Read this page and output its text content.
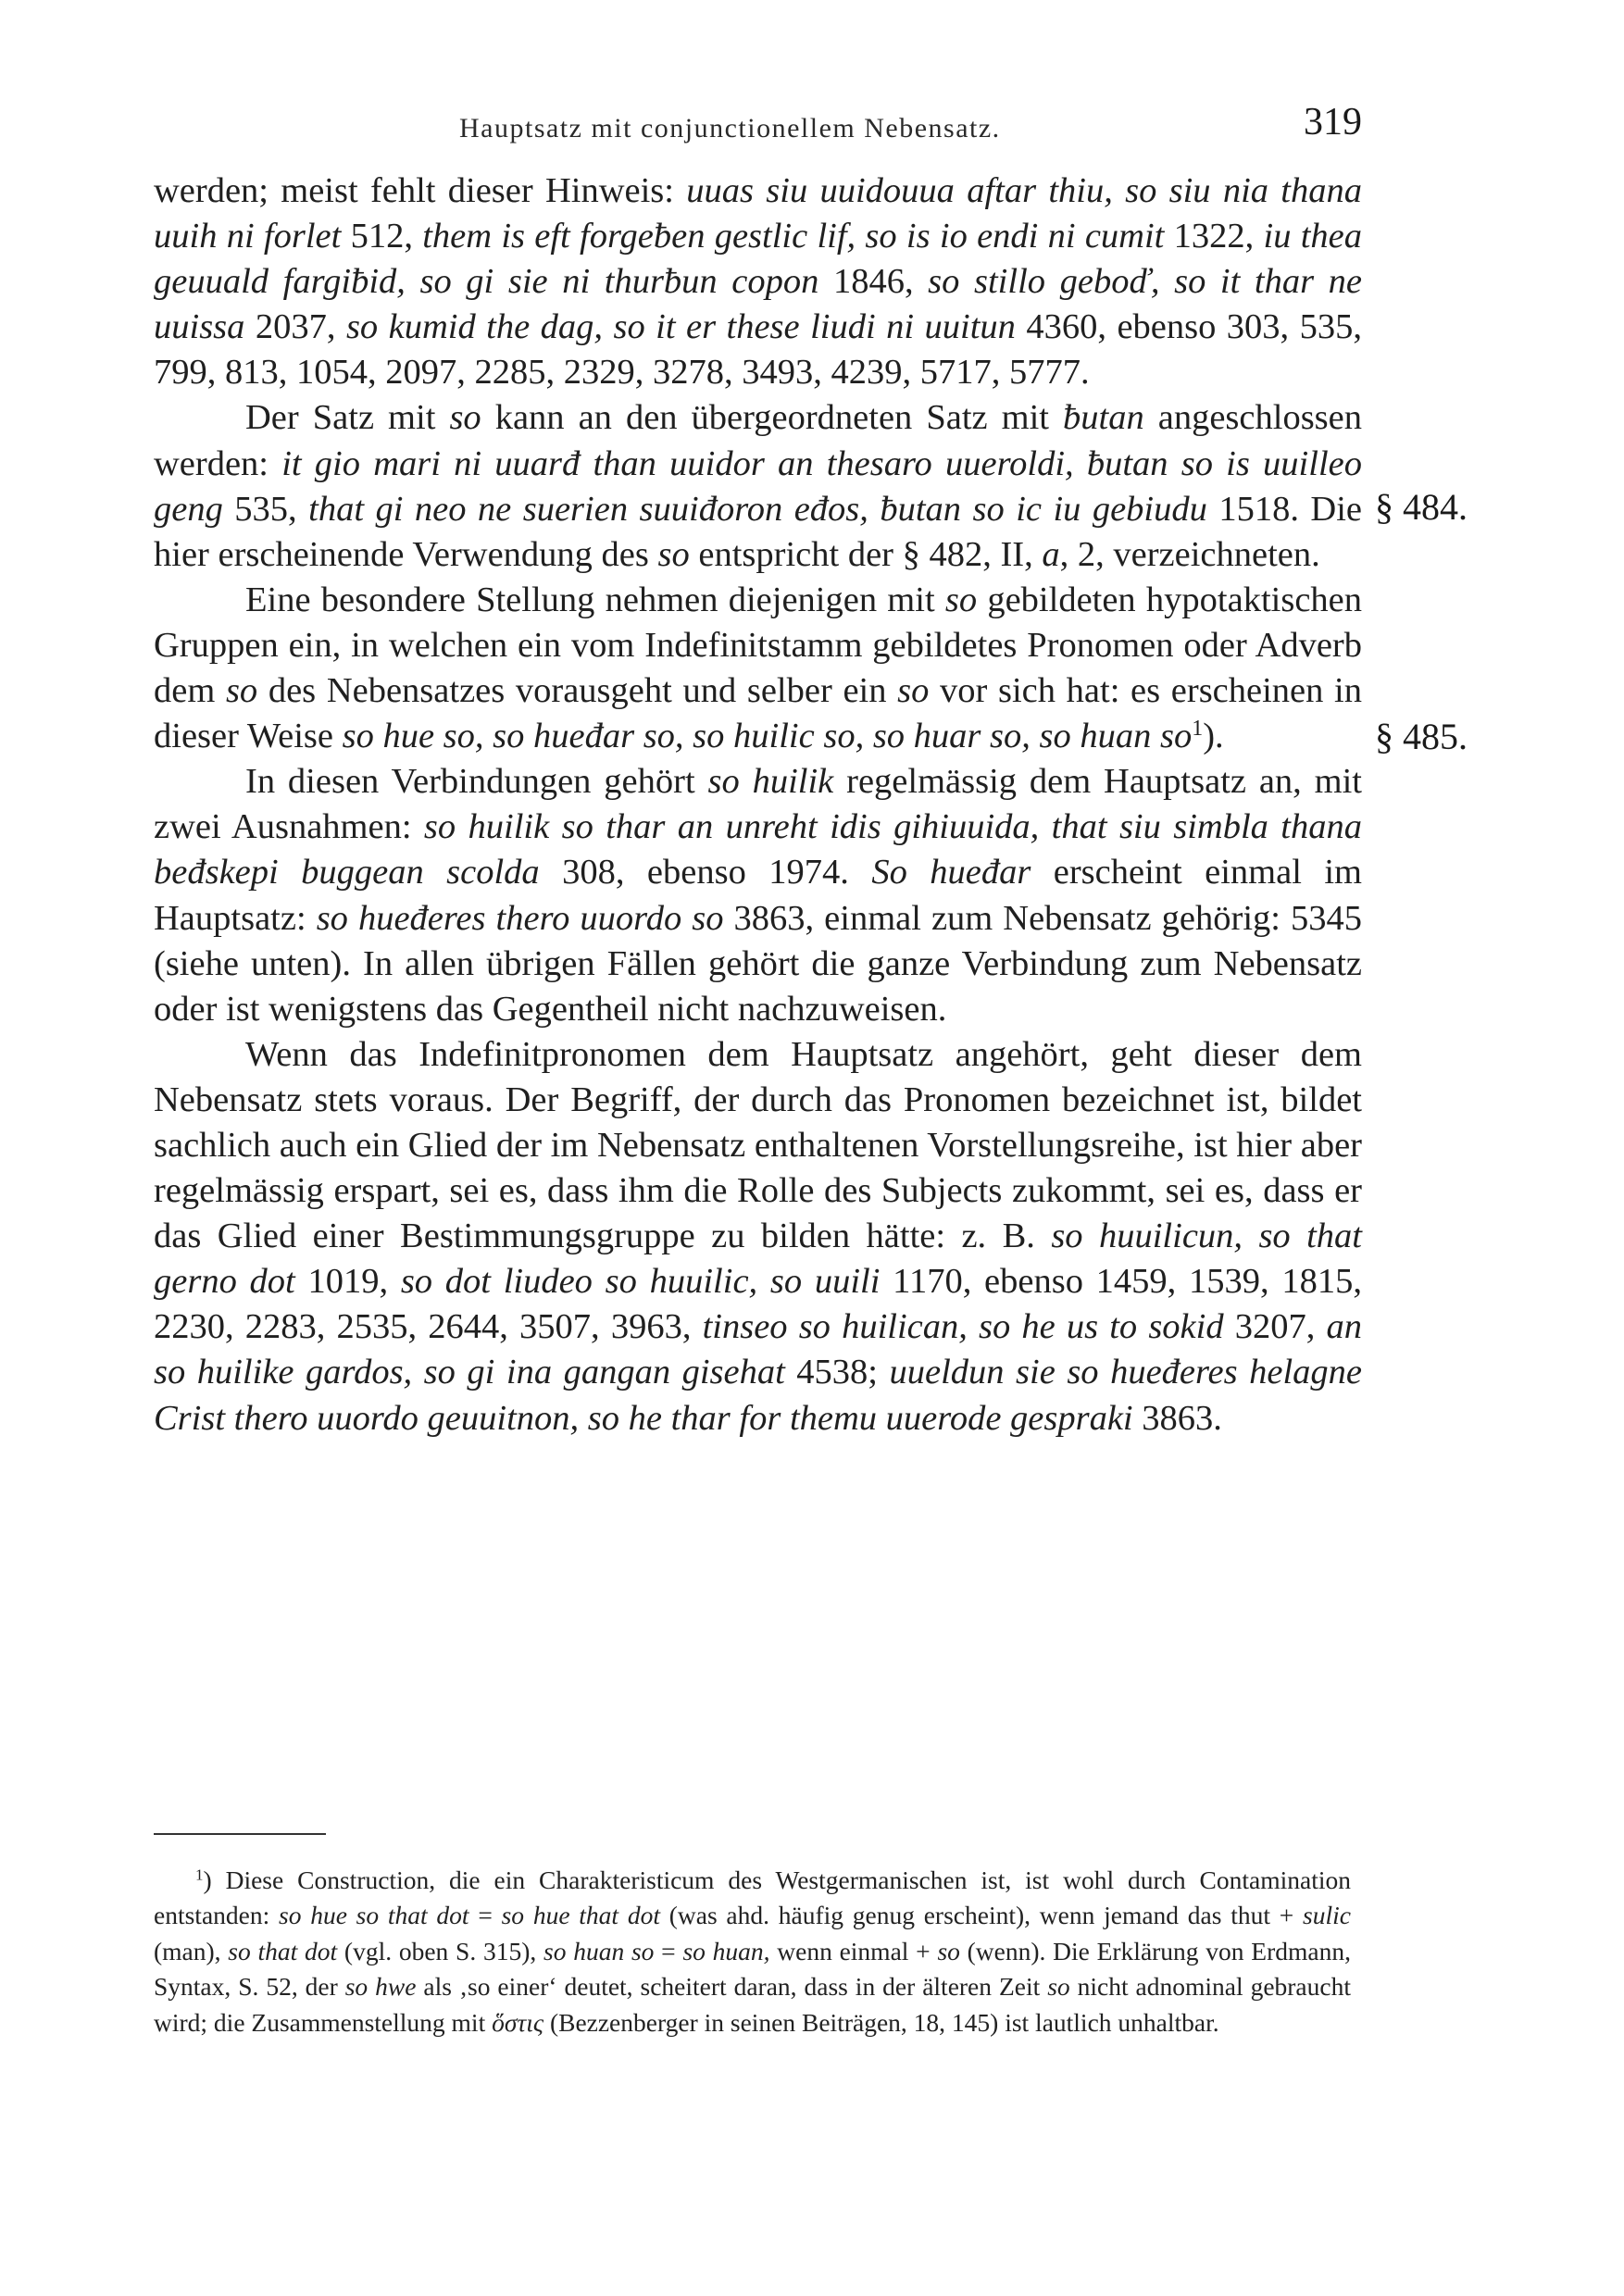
Hauptsatz mit conjunctionellem Nebensatz.	319
§ 484.
§ 485.

werden; meist fehlt dieser Hinweis: uuas siu uuidouua aftar thiu, so siu nia thana uuih ni forlet 512, them is eft forgeƀen gestlic lif, so is io endi ni cumit 1322, iu thea geuuald fargiƀid, so gi sie ni thurƀun copon 1846, so stillo geboď, so it thar ne uuissa 2037, so kumid the dag, so it er these liudi ni uuitun 4360, ebenso 303, 535, 799, 813, 1054, 2097, 2285, 2329, 3278, 3493, 4239, 5717, 5777.

Der Satz mit so kann an den übergeordneten Satz mit ƀutan angeschlossen werden: it gio mari ni uuarđ than uuidor an thesaro uueroldi, ƀutan so is uuilleo geng 535, that gi neo ne suerien suuiđoron eđos, ƀutan so ic iu gebiudu 1518. Die hier erscheinende Verwendung des so entspricht der § 482, II, a, 2, verzeichneten.

Eine besondere Stellung nehmen diejenigen mit so gebildeten hypotaktischen Gruppen ein, in welchen ein vom Indefinitstamm gebildetes Pronomen oder Adverb dem so des Nebensatzes vorausgeht und selber ein so vor sich hat: es erscheinen in dieser Weise so hue so, so hueđar so, so huilic so, so huar so, so huan $so^1$).

In diesen Verbindungen gehört so huilik regelmässig dem Hauptsatz an, mit zwei Ausnahmen: so huilik so thar an unreht idis gihiuuida, that siu simbla thana beđskepi buggean scolda 308, ebenso 1974. So hueđar erscheint einmal im Hauptsatz: so hueđeres thero uuordo so 3863, einmal zum Nebensatz gehörig: 5345 (siehe unten). In allen übrigen Fällen gehört die ganze Verbindung zum Nebensatz oder ist wenigstens das Gegentheil nicht nachzuweisen.

Wenn das Indefinitpronomen dem Hauptsatz angehört, geht dieser dem Nebensatz stets voraus. Der Begriff, der durch das Pronomen bezeichnet ist, bildet sachlich auch ein Glied der im Nebensatz enthaltenen Vorstellungsreihe, ist hier aber regelmässig erspart, sei es, dass ihm die Rolle des Subjects zukommt, sei es, dass er das Glied einer Bestimmungsgruppe zu bilden hätte: z. B. so huuilicun, so that gerno dot 1019, so dot liudeo so huuilic, so uuili 1170, ebenso 1459, 1539, 1815, 2230, 2283, 2535, 2644, 3507, 3963, tinseo so huilican, so he us to sokid 3207, an so huilike gardos, so gi ina gangan gisehat 4538; uueldun sie so hueđeres helagne Crist thero uuordo geuuitnon, so he thar for themu uuerode gesprakі 3863.

$^1$) Diese Construction, die ein Charakteristicum des Westgermanischen ist, ist wohl durch Contamination entstanden: so hue so that dot = so hue that dot (was ahd. häufig genug erscheint), wenn jemand das thut + sulic (man), so that dot (vgl. oben S. 315), so huan so = so huan, wenn einmal + so (wenn). Die Erklärung von Erdmann, Syntax, S. 52, der so hwe als ‚so einer‘ deutet, scheitert daran, dass in der älteren Zeit so nicht adnominal gebraucht wird; die Zusammenstellung mit ὅστις (Bezzenberger in seinen Beiträgen, 18, 145) ist lautlich unhaltbar.
